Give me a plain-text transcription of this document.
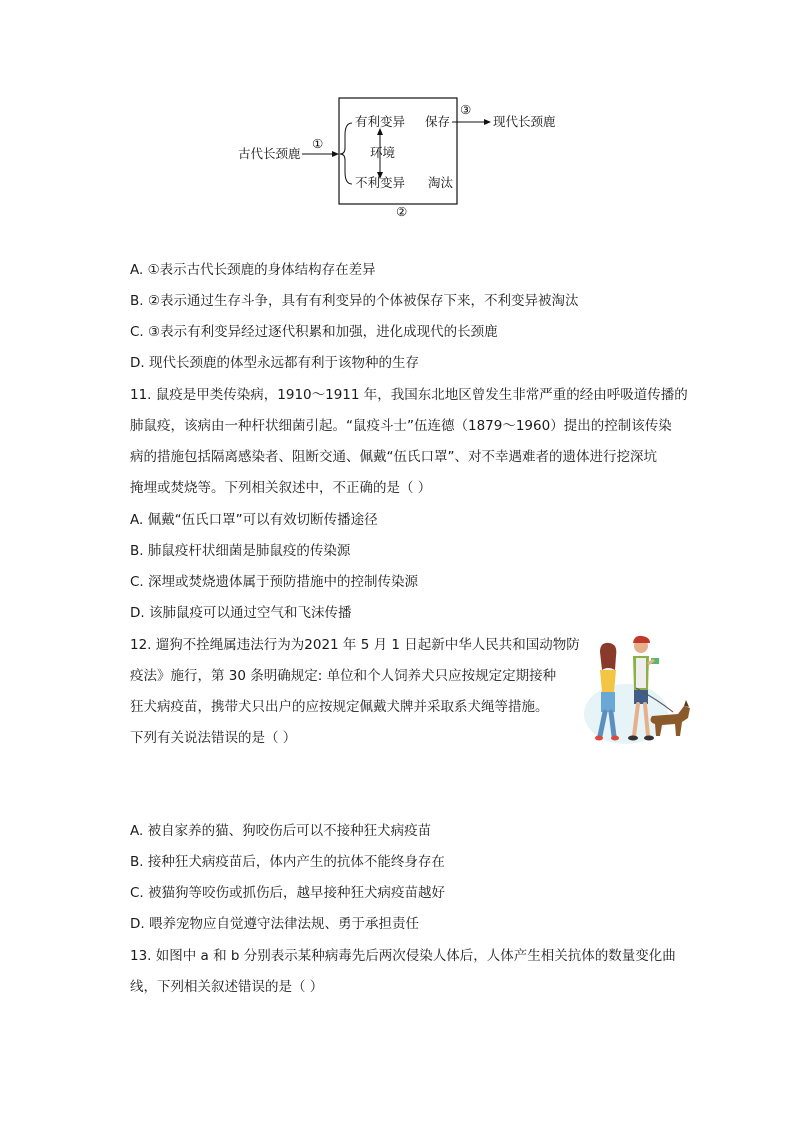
古代长颈鹿
①
有利变异 保存
③
现代长颈鹿
环境
不利变异 淘汰
②
A. ①表示古代长颈鹿的身体结构存在差异
B. ②表示通过生存斗争，具有有利变异的个体被保存下来，不利变异被淘汰
C. ③表示有利变异经过逐代积累和加强，进化成现代的长颈鹿
D. 现代长颈鹿的体型永远都有利于该物种的生存
11. 鼠疫是甲类传染病，1910～1911 年，我国东北地区曾发生非常严重的经由呼吸道传播的
肺鼠疫，该病由一种杆状细菌引起。“鼠疫斗士”伍连德（1879～1960）提出的控制该传染
病的措施包括隔离感染者、阻断交通、佩戴“伍氏口罩”、对不幸遇难者的遗体进行挖深坑
掩埋或焚烧等。下列相关叙述中，不正确的是（ ）
A. 佩戴“伍氏口罩”可以有效切断传播途径
B. 肺鼠疫杆状细菌是肺鼠疫的传染源
C. 深埋或焚烧遗体属于预防措施中的控制传染源
D. 该肺鼠疫可以通过空气和飞沫传播
12. 遛狗不拴绳属违法行为为2021 年 5 月 1 日起新中华人民共和国动物防
疫法》施行，第 30 条明确规定: 单位和个人饲养犬只应按规定定期接种
狂犬病疫苗，携带犬只出户的应按规定佩戴犬牌并采取系犬绳等措施。
下列有关说法错误的是（ ）
A. 被自家养的猫、狗咬伤后可以不接种狂犬病疫苗
B. 接种狂犬病疫苗后，体内产生的抗体不能终身存在
C. 被猫狗等咬伤或抓伤后，越早接种狂犬病疫苗越好
D. 喂养宠物应自觉遵守法律法规、勇于承担责任
13. 如图中 a 和 b 分别表示某种病毒先后两次侵染人体后，人体产生相关抗体的数量变化曲
线，下列相关叙述错误的是（ ）
